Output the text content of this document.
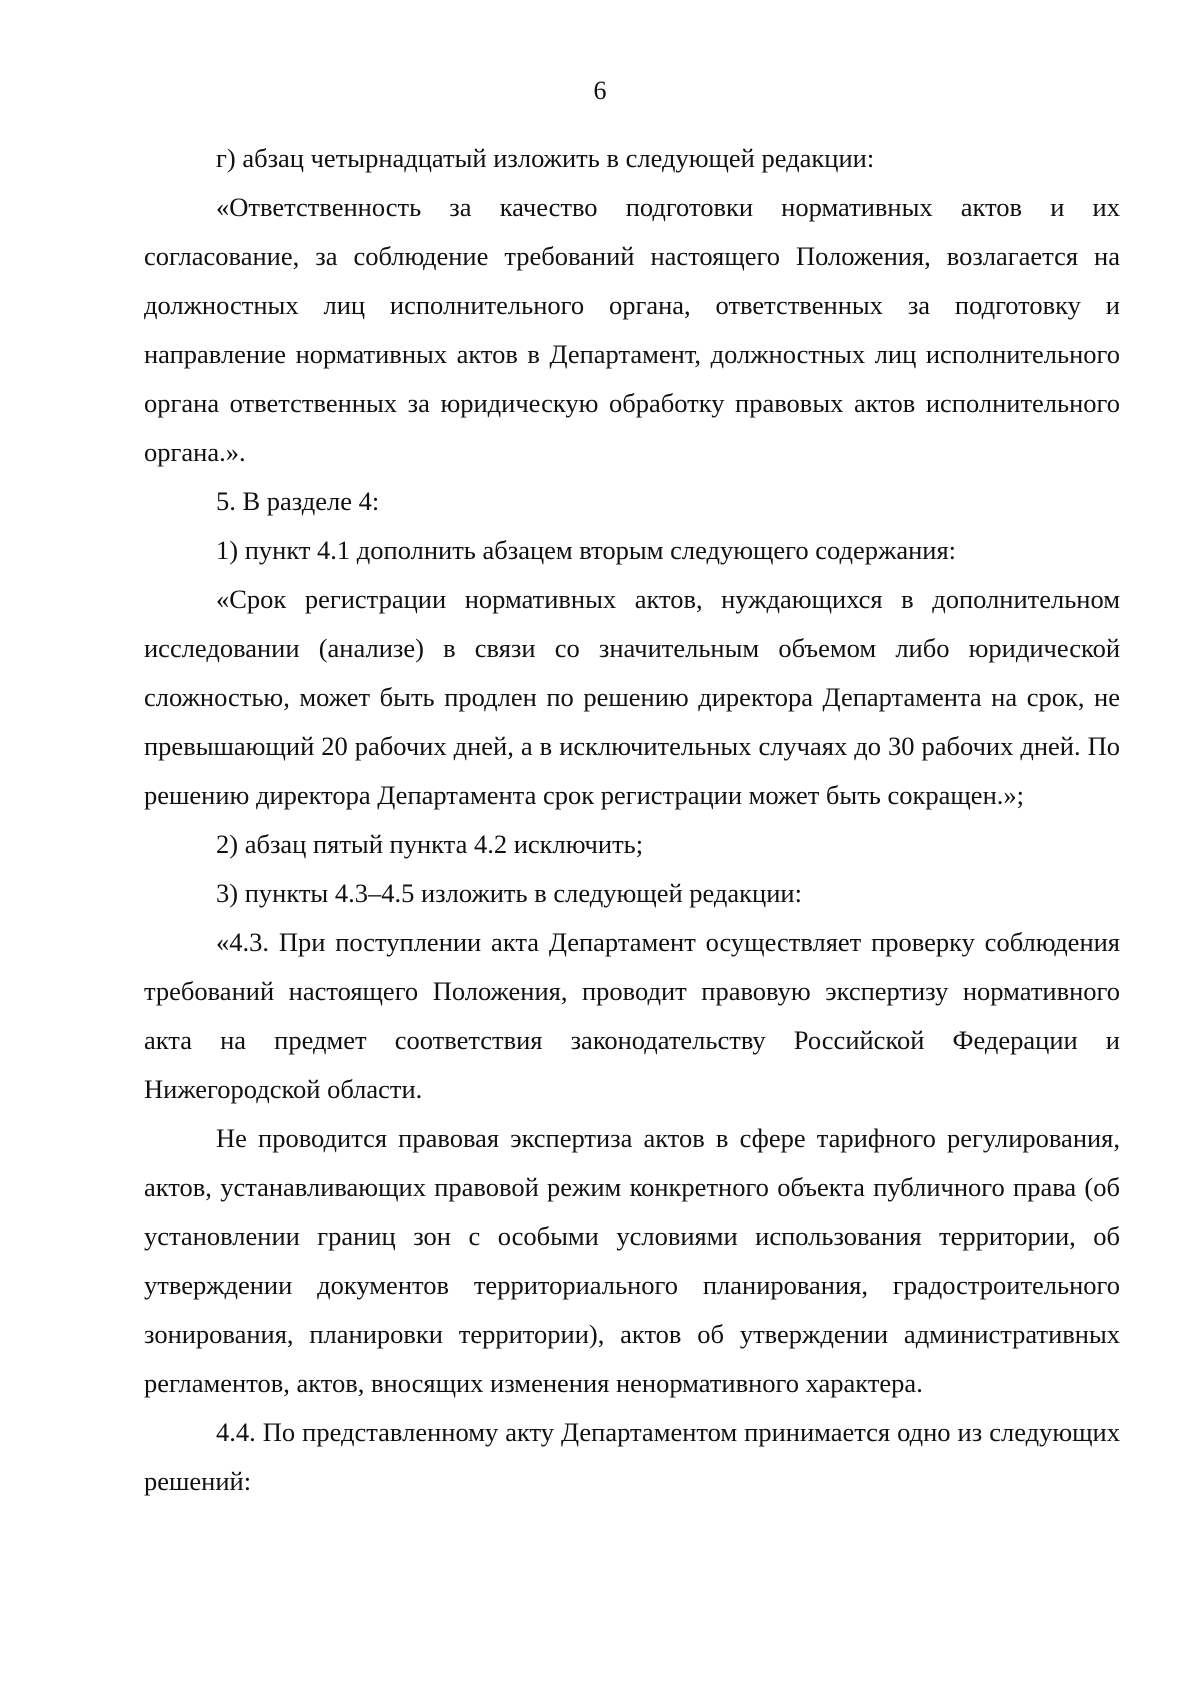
6

г) абзац четырнадцатый изложить в следующей редакции:

«Ответственность за качество подготовки нормативных актов и их согласование, за соблюдение требований настоящего Положения, возлагается на должностных лиц исполнительного органа, ответственных за подготовку и направление нормативных актов в Департамент, должностных лиц исполнительного органа ответственных за юридическую обработку правовых актов исполнительного органа.».

5. В разделе 4:

1) пункт 4.1 дополнить абзацем вторым следующего содержания:

«Срок регистрации нормативных актов, нуждающихся в дополнительном исследовании (анализе) в связи со значительным объемом либо юридической сложностью, может быть продлен по решению директора Департамента на срок, не превышающий 20 рабочих дней, а в исключительных случаях до 30 рабочих дней. По решению директора Департамента срок регистрации может быть сокращен.»;

2) абзац пятый пункта 4.2 исключить;

3) пункты 4.3–4.5 изложить в следующей редакции:

«4.3. При поступлении акта Департамент осуществляет проверку соблюдения требований настоящего Положения, проводит правовую экспертизу нормативного акта на предмет соответствия законодательству Российской Федерации и Нижегородской области.

Не проводится правовая экспертиза актов в сфере тарифного регулирования, актов, устанавливающих правовой режим конкретного объекта публичного права (об установлении границ зон с особыми условиями использования территории, об утверждении документов территориального планирования, градостроительного зонирования, планировки территории), актов об утверждении административных регламентов, актов, вносящих изменения ненормативного характера.

4.4. По представленному акту Департаментом принимается одно из следующих решений:
